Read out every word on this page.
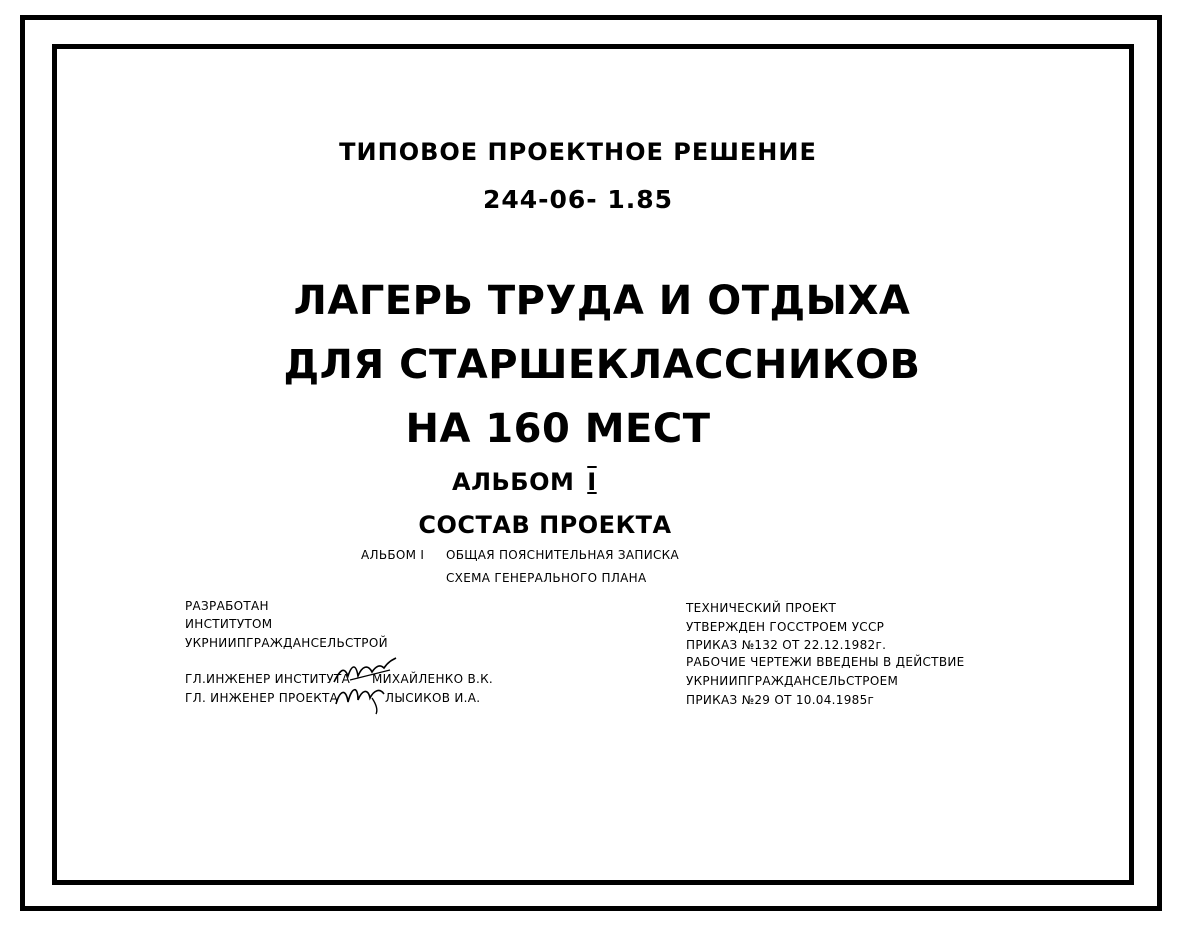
ТИПОВОЕ ПРОЕКТНОЕ РЕШЕНИЕ
244-06- 1.85
ЛАГЕРЬ ТРУДА И ОТДЫХА
ДЛЯ СТАРШЕКЛАССНИКОВ
НА 160 МЕСТ
АЛЬБОМ I
СОСТАВ ПРОЕКТА
АЛЬБОМ I ОБЩАЯ ПОЯСНИТЕЛЬНАЯ ЗАПИСКА
СХЕМА ГЕНЕРАЛЬНОГО ПЛАНА
РАЗРАБОТАН
ИНСТИТУТОМ
УКРНИИПГРАЖДАНСЕЛЬСТРОЙ
ГЛ.ИНЖЕНЕР ИНСТИТУТА МИХАЙЛЕНКО В.К.
ГЛ. ИНЖЕНЕР ПРОЕКТА	ЛЫСИКОВ И.А.
ТЕХНИЧЕСКИЙ ПРОЕКТ
УТВЕРЖДЕН ГОССТРОЕМ УССР
ПРИКАЗ №132 ОТ 22.12.1982г.
РАБОЧИЕ ЧЕРТЕЖИ ВВЕДЕНЫ В ДЕЙСТВИЕ
УКРНИИПГРАЖДАНСЕЛЬСТРОЕМ
ПРИКАЗ №29 ОТ 10.04.1985г
